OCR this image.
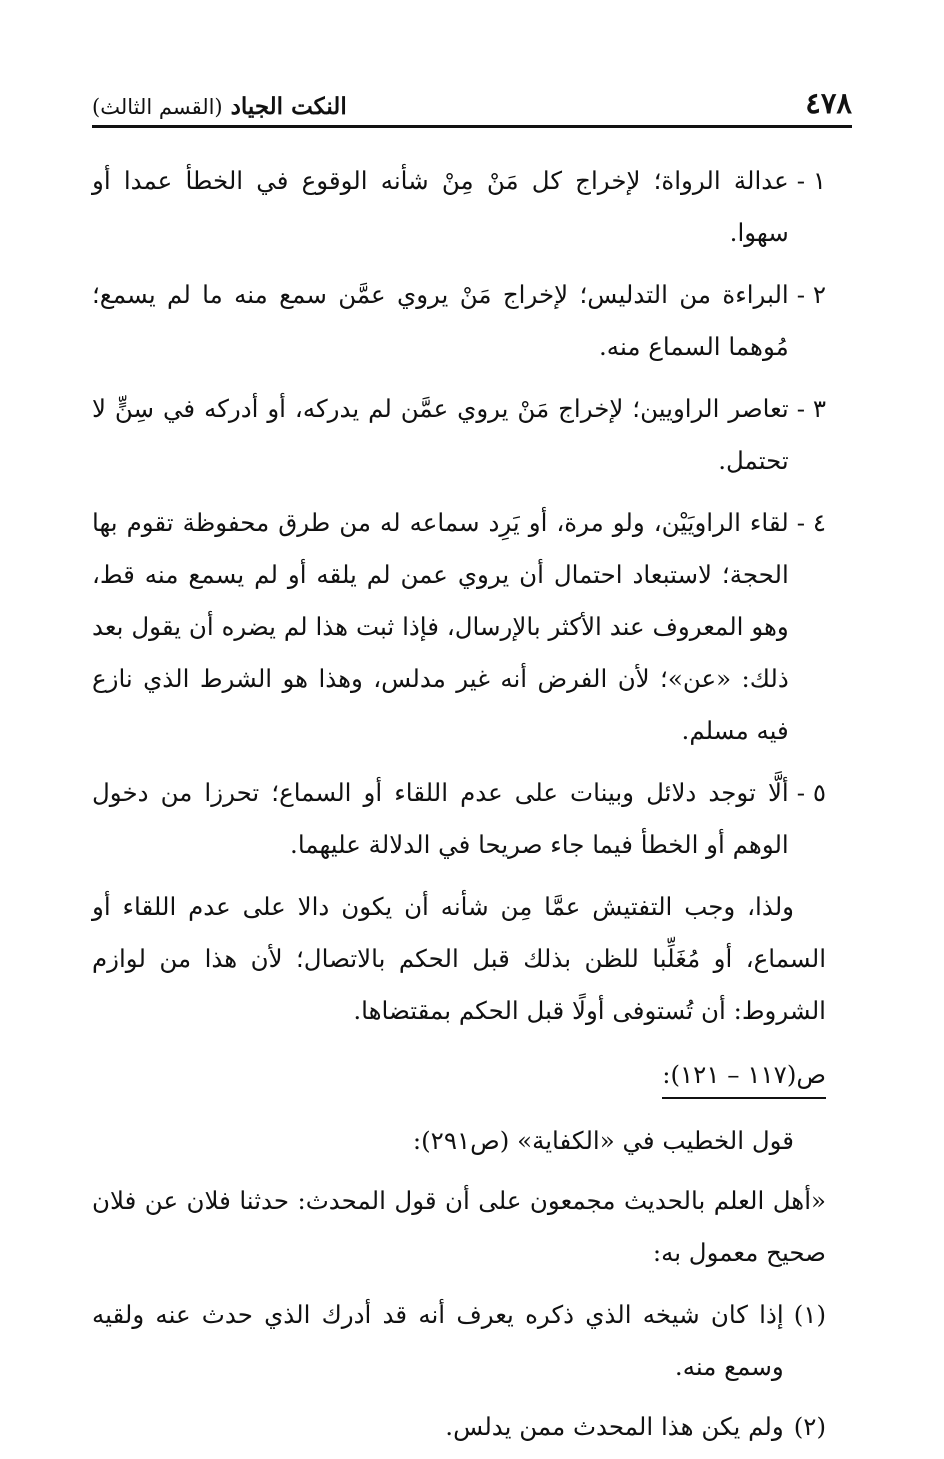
٤٧٨
النكت الجياد (القسم الثالث)
١ -
عدالة الرواة؛ لإخراج كل مَنْ مِنْ شأنه الوقوع في الخطأ عمدا أو سهوا.
٢ -
البراءة من التدليس؛ لإخراج مَنْ يروي عمَّن سمع منه ما لم يسمع؛ مُوهما السماع منه.
٣ -
تعاصر الراويين؛ لإخراج مَنْ يروي عمَّن لم يدركه، أو أدركه في سِنٍّ لا تحتمل.
٤ -
لقاء الراويَيْن، ولو مرة، أو يَرِد سماعه له من طرق محفوظة تقوم بها الحجة؛ لاستبعاد احتمال أن يروي عمن لم يلقه أو لم يسمع منه قط، وهو المعروف عند الأكثر بالإرسال، فإذا ثبت هذا لم يضره أن يقول بعد ذلك: «عن»؛ لأن الفرض أنه غير مدلس، وهذا هو الشرط الذي نازع فيه مسلم.
٥ -
ألَّا توجد دلائل وبينات على عدم اللقاء أو السماع؛ تحرزا من دخول الوهم أو الخطأ فيما جاء صريحا في الدلالة عليهما.

ولذا، وجب التفتيش عمَّا مِن شأنه أن يكون دالا على عدم اللقاء أو السماع، أو مُغَلِّبا للظن بذلك قبل الحكم بالاتصال؛ لأن هذا من لوازم الشروط: أن تُستوفى أولًا قبل الحكم بمقتضاها.

ص(١١٧ – ١٢١):
قول الخطيب في «الكفاية» (ص٢٩١):
«أهل العلم بالحديث مجمعون على أن قول المحدث: حدثنا فلان عن فلان صحيح معمول به:
(١)
إذا كان شيخه الذي ذكره يعرف أنه قد أدرك الذي حدث عنه ولقيه وسمع منه.
(٢)
ولم يكن هذا المحدث ممن يدلس.
